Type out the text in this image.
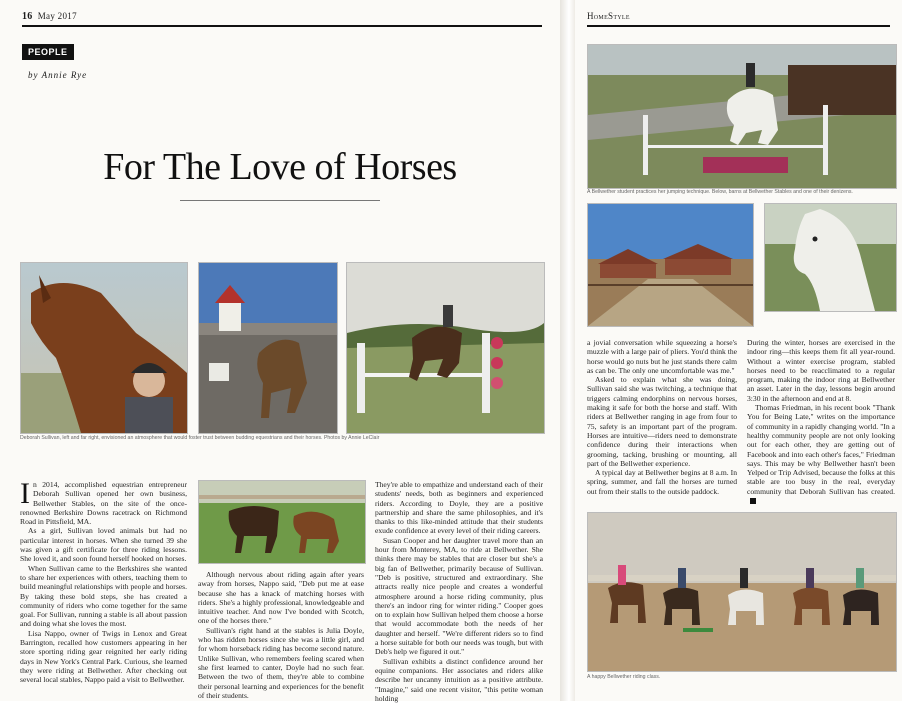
16 May 2017
PEOPLE
by Annie Rye
For The Love of Horses
Deborah Sullivan, left and far right, envisioned an atmosphere that would foster trust between budding equestrians and their horses. Photos by Annie LeClair

In 2014, accomplished equestrian entrepreneur Deborah Sullivan opened her own business, Bellwether Stables, on the site of the once-renowned Berkshire Downs racetrack on Richmond Road in Pittsfield, MA.

As a girl, Sullivan loved animals but had no particular interest in horses. When she turned 39 she was given a gift certificate for three riding lessons. She loved it, and soon found herself hooked on horses.

When Sullivan came to the Berkshires she wanted to share her experiences with others, teaching them to build meaningful relationships with people and horses. By taking these bold steps, she has created a community of riders who come together for the same goal. For Sullivan, running a stable is all about passion and doing what she loves the most.

Lisa Nappo, owner of Twigs in Lenox and Great Barrington, recalled how customers appearing in her store sporting riding gear reignited her early riding days in New York's Central Park. Curious, she learned they were riding at Bellwether. After checking out several local stables, Nappo paid a visit to Bellwether.

Although nervous about riding again after years away from horses, Nappo said, "Deb put me at ease because she has a knack of matching horses with riders. She's a highly professional, knowledgeable and intuitive teacher. And now I've bonded with Scotch, one of the horses there."

Sullivan's right hand at the stables is Julia Doyle, who has ridden horses since she was a little girl, and for whom horseback riding has become second nature. Unlike Sullivan, who remembers feeling scared when she first learned to canter, Doyle had no such fear. Between the two of them, they're able to combine their personal learning and experiences for the benefit of their students.

They're able to empathize and understand each of their students' needs, both as beginners and experienced riders. According to Doyle, they are a positive partnership and share the same philosophies, and it's thanks to this like-minded attitude that their students exude confidence at every level of their riding careers.

Susan Cooper and her daughter travel more than an hour from Monterey, MA, to ride at Bellwether. She thinks there may be stables that are closer but she's a big fan of Bellwether, primarily because of Sullivan. "Deb is positive, structured and extraordinary. She attracts really nice people and creates a wonderful atmosphere around a horse riding community, plus there's an indoor ring for winter riding." Cooper goes on to explain how Sullivan helped them choose a horse that would accommodate both the needs of her daughter and herself. "We're different riders so to find a horse suitable for both our needs was tough, but with Deb's help we figured it out."

Sullivan exhibits a distinct confidence around her equine companions. Her associates and riders alike describe her uncanny intuition as a positive attribute. "Imagine," said one recent visitor, "this petite woman holding

HomeStyle
A Bellwether student practices her jumping technique. Below, barns at Bellwether Stables and one of their denizens.

a jovial conversation while squeezing a horse's muzzle with a large pair of pliers. You'd think the horse would go nuts but he just stands there calm as can be. The only one uncomfortable was me."

Asked to explain what she was doing, Sullivan said she was twitching, a technique that triggers calming endorphins on nervous horses, making it safe for both the horse and staff. With riders at Bellwether ranging in age from four to 75, safety is an important part of the program. Horses are intuitive—riders need to demonstrate confidence during their interactions when grooming, tacking, brushing or mounting, all part of the Bellwether experience.

A typical day at Bellwether begins at 8 a.m. In spring, summer, and fall the horses are turned out from their stalls to the outside paddock.

During the winter, horses are exercised in the indoor ring—this keeps them fit all year-round. Without a winter exercise program, stabled horses need to be reacclimated to a regular program, making the indoor ring at Bellwether an asset. Later in the day, lessons begin around 3:30 in the afternoon and end at 8.

Thomas Friedman, in his recent book "Thank You for Being Late," writes on the importance of community in a rapidly changing world. "In a healthy community people are not only looking out for each other, they are getting out of Facebook and into each other's faces," Friedman says. This may be why Bellwether hasn't been Yelped or Trip Advised, because the folks at this stable are too busy in the real, everyday community that Deborah Sullivan has created.

A happy Bellwether riding class.
